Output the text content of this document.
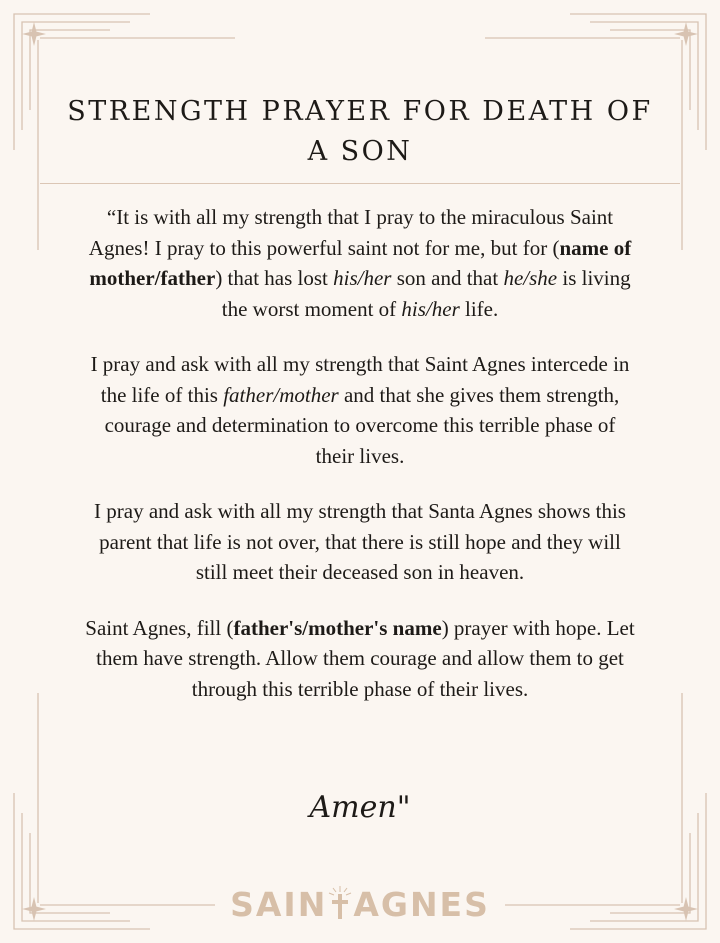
STRENGTH PRAYER FOR DEATH OF A SON

“It is with all my strength that I pray to the miraculous Saint Agnes! I pray to this powerful saint not for me, but for (name of mother/father) that has lost his/her son and that he/she is living the worst moment of his/her life.

I pray and ask with all my strength that Saint Agnes intercede in the life of this father/mother and that she gives them strength, courage and determination to overcome this terrible phase of their lives.

I pray and ask with all my strength that Santa Agnes shows this parent that life is not over, that there is still hope and they will still meet their deceased son in heaven.

Saint Agnes, fill (father's/mother's name) prayer with hope. Let them have strength. Allow them courage and allow them to get through this terrible phase of their lives.

Amen"
SAIN AGNES
